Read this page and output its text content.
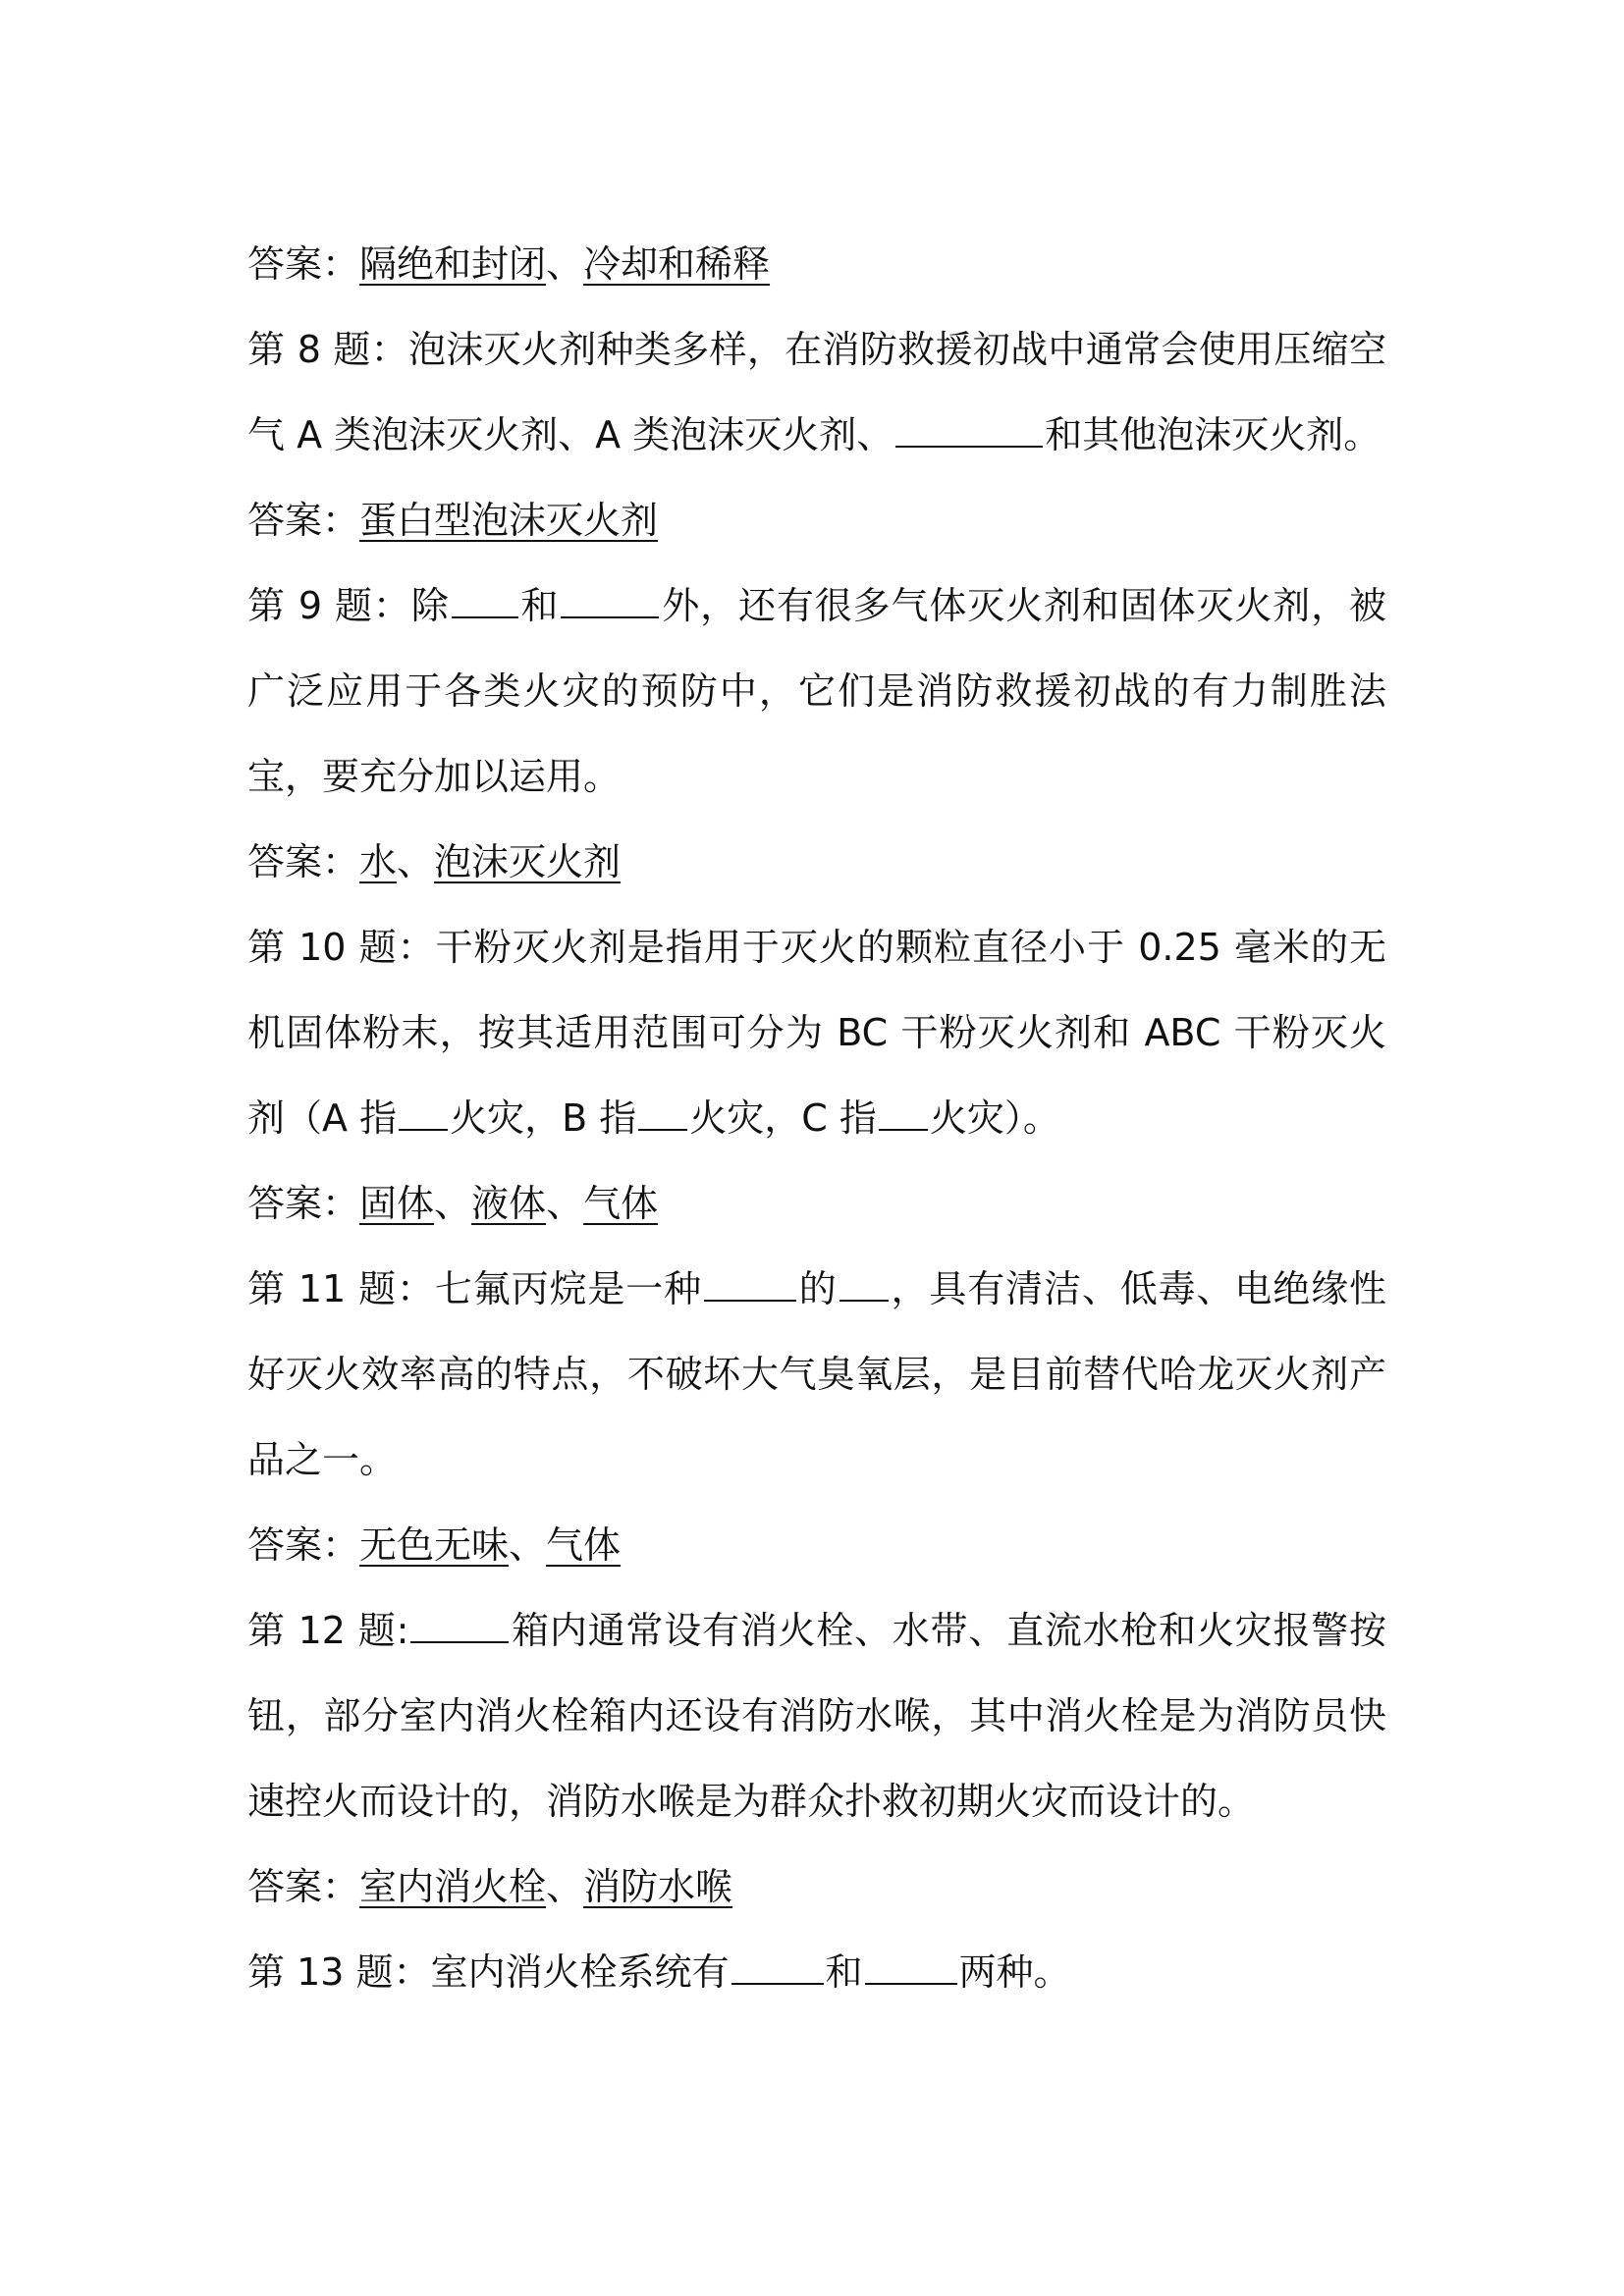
答案：隔绝和封闭、冷却和稀释

第 8 题：泡沫灭火剂种类多样，在消防救援初战中通常会使用压缩空气 A 类泡沫灭火剂、A 类泡沫灭火剂、	和其他泡沫灭火剂。

答案：蛋白型泡沫灭火剂

第 9 题：除 和	外，还有很多气体灭火剂和固体灭火剂，被广泛应用于各类火灾的预防中，它们是消防救援初战的有力制胜法宝，要充分加以运用。

答案：水、泡沫灭火剂

第 10 题：干粉灭火剂是指用于灭火的颗粒直径小于 0.25 毫米的无机固体粉末，按其适用范围可分为 BC 干粉灭火剂和 ABC 干粉灭火剂（A 指 火灾，B 指 火灾，C 指 火灾）。

答案：固体、液体、气体

第 11 题：七氟丙烷是一种	的 ，具有清洁、低毒、电绝缘性好灭火效率高的特点，不破坏大气臭氧层，是目前替代哈龙灭火剂产品之一。

答案：无色无味、气体

第 12 题:	箱内通常设有消火栓、水带、直流水枪和火灾报警按钮，部分室内消火栓箱内还设有消防水喉，其中消火栓是为消防员快速控火而设计的，消防水喉是为群众扑救初期火灾而设计的。

答案：室内消火栓、消防水喉

第 13 题：室内消火栓系统有	和	两种。
